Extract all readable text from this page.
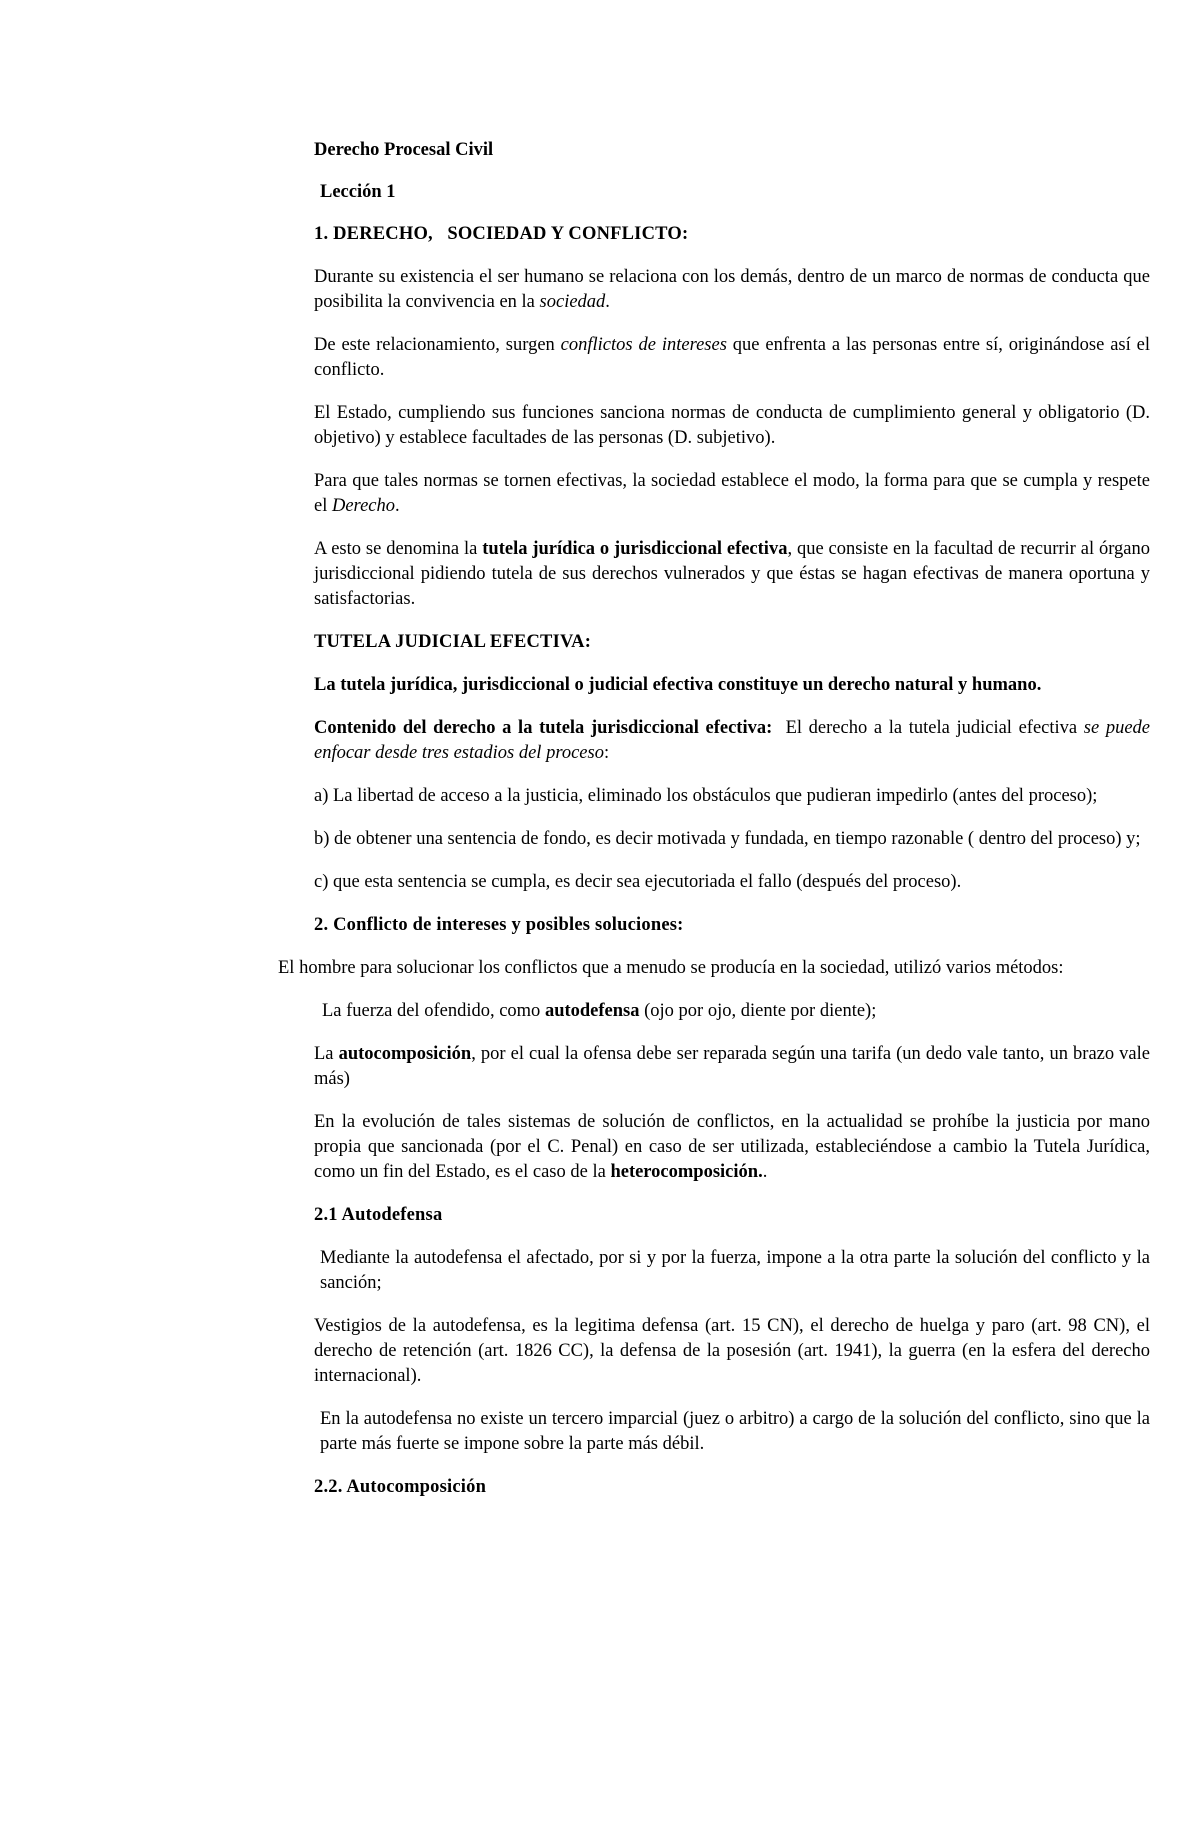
Derecho Procesal Civil

Lección 1

1. DERECHO,   SOCIEDAD Y CONFLICTO:

Durante su existencia el ser humano se relaciona con los demás, dentro de un marco de normas de conducta que posibilita la convivencia en la sociedad.

De este relacionamiento, surgen conflictos de intereses que enfrenta a las personas entre sí, originándose así el conflicto.

El Estado, cumpliendo sus funciones sanciona normas de conducta de cumplimiento general y obligatorio (D. objetivo) y establece facultades de las personas (D. subjetivo).

Para que tales normas se tornen efectivas, la sociedad establece el modo, la forma para que se cumpla y respete el Derecho.

A esto se denomina la tutela jurídica o jurisdiccional efectiva, que consiste en la facultad de recurrir al órgano jurisdiccional pidiendo tutela de sus derechos vulnerados y que éstas se hagan efectivas de manera oportuna y satisfactorias.

TUTELA JUDICIAL EFECTIVA:

La tutela jurídica, jurisdiccional o judicial efectiva constituye un derecho natural y humano.

Contenido del derecho a la tutela jurisdiccional efectiva:  El derecho a la tutela judicial efectiva se puede enfocar desde tres estadios del proceso:

a) La libertad de acceso a la justicia, eliminado los obstáculos que pudieran impedirlo (antes del proceso);

b) de obtener una sentencia de fondo, es decir motivada y fundada, en tiempo razonable ( dentro del proceso) y;

c) que esta sentencia se cumpla, es decir sea ejecutoriada el fallo (después del proceso).

2. Conflicto de intereses y posibles soluciones:

El hombre para solucionar los conflictos que a menudo se producía en la sociedad, utilizó varios métodos:

La fuerza del ofendido, como autodefensa (ojo por ojo, diente por diente);

La autocomposición, por el cual la ofensa debe ser reparada según una tarifa (un dedo vale tanto, un brazo vale más)

En la evolución de tales sistemas de solución de conflictos, en la actualidad se prohíbe la justicia por mano propia que sancionada (por el C. Penal) en caso de ser utilizada, estableciéndose a cambio la Tutela Jurídica, como un fin del Estado, es el caso de la heterocomposición..

2.1 Autodefensa

Mediante la autodefensa el afectado, por si y por la fuerza, impone a la otra parte la solución del conflicto y la sanción;

Vestigios de la autodefensa, es la legitima defensa (art. 15 CN), el derecho de huelga y paro (art. 98 CN), el derecho de retención (art. 1826 CC), la defensa de la posesión (art. 1941), la guerra (en la esfera del derecho internacional).

En la autodefensa no existe un tercero imparcial (juez o arbitro) a cargo de la solución del conflicto, sino que la parte más fuerte se impone sobre la parte más débil.

2.2. Autocomposición
